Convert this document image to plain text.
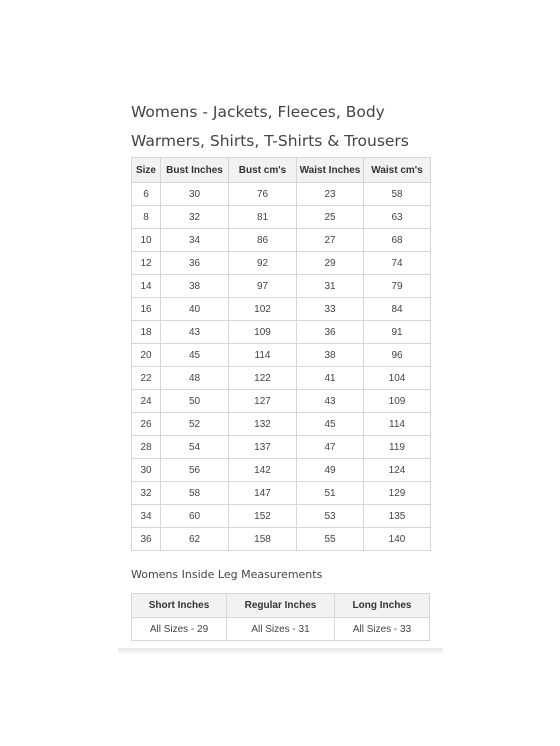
Womens - Jackets, Fleeces, Body Warmers, Shirts, T-Shirts & Trousers
Size	Bust Inches	Bust cm's	Waist Inches	Waist cm's
6	30	76	23	58
8	32	81	25	63
10	34	86	27	68
12	36	92	29	74
14	38	97	31	79
16	40	102	33	84
18	43	109	36	91
20	45	114	38	96
22	48	122	41	104
24	50	127	43	109
26	52	132	45	114
28	54	137	47	119
30	56	142	49	124
32	58	147	51	129
34	60	152	53	135
36	62	158	55	140

Womens Inside Leg Measurements

Short Inches	Regular Inches	Long Inches
All Sizes - 29	All Sizes - 31	All Sizes - 33
